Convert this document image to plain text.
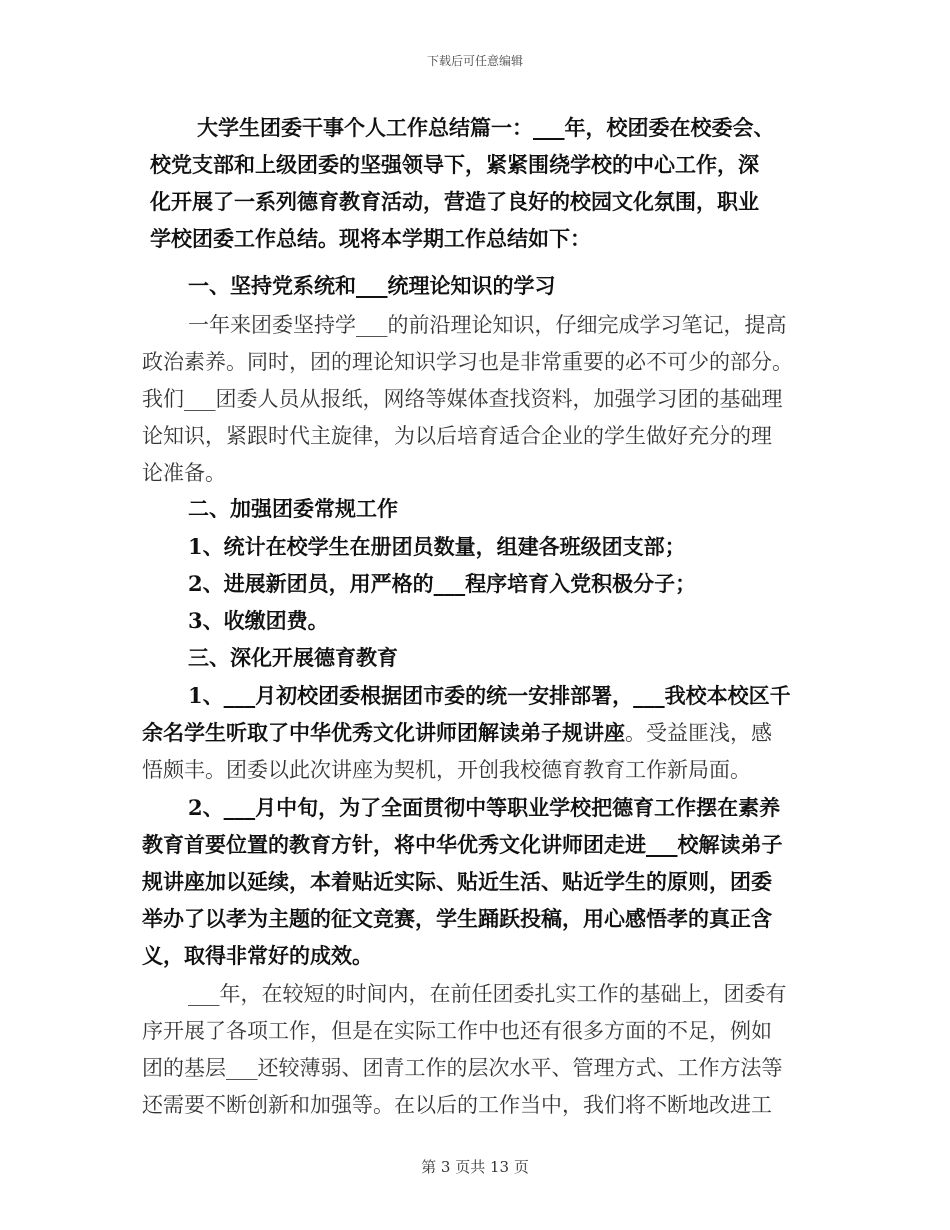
下载后可任意编辑
大学生团委干事个人工作总结篇一：___年，校团委在校委会、
校党支部和上级团委的坚强领导下，紧紧围绕学校的中心工作，深
化开展了一系列德育教育活动，营造了良好的校园文化氛围，职业
学校团委工作总结。现将本学期工作总结如下：
一、坚持党系统和___统理论知识的学习
一年来团委坚持学___的前沿理论知识，仔细完成学习笔记，提高
政治素养。同时，团的理论知识学习也是非常重要的必不可少的部分。
我们___团委人员从报纸，网络等媒体查找资料，加强学习团的基础理
论知识，紧跟时代主旋律，为以后培育适合企业的学生做好充分的理
论准备。
二、加强团委常规工作
1、统计在校学生在册团员数量，组建各班级团支部；
2、进展新团员，用严格的___程序培育入党积极分子；
3、收缴团费。
三、深化开展德育教育
1、___月初校团委根据团市委的统一安排部署，___我校本校区千
余名学生听取了中华优秀文化讲师团解读弟子规讲座。受益匪浅，感
悟颇丰。团委以此次讲座为契机，开创我校德育教育工作新局面。
2、___月中旬，为了全面贯彻中等职业学校把德育工作摆在素养
教育首要位置的教育方针，将中华优秀文化讲师团走进___校解读弟子
规讲座加以延续，本着贴近实际、贴近生活、贴近学生的原则，团委
举办了以孝为主题的征文竞赛，学生踊跃投稿，用心感悟孝的真正含
义，取得非常好的成效。
___年，在较短的时间内，在前任团委扎实工作的基础上，团委有
序开展了各项工作，但是在实际工作中也还有很多方面的不足，例如
团的基层___还较薄弱、团青工作的层次水平、管理方式、工作方法等
还需要不断创新和加强等。在以后的工作当中，我们将不断地改进工
第 3 页共 13 页
